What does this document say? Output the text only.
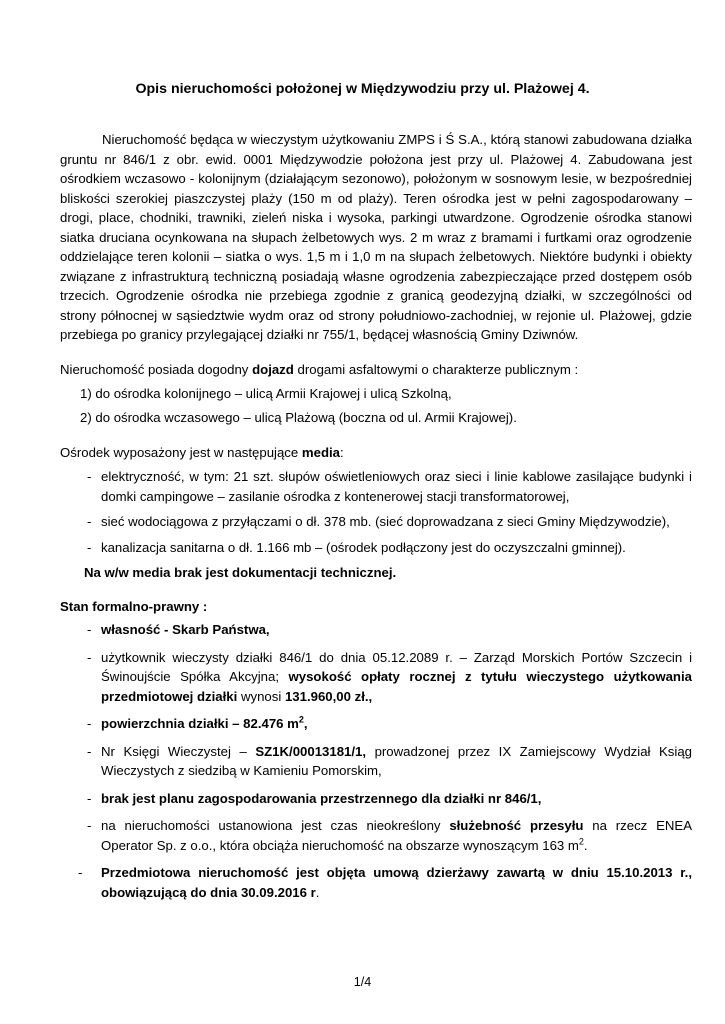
Opis nieruchomości położonej w Międzywodziu przy ul. Plażowej 4.
Nieruchomość będąca w wieczystym użytkowaniu ZMPS i Ś S.A., którą stanowi zabudowana działka gruntu nr 846/1 z obr. ewid. 0001 Międzywodzie położona jest przy ul. Plażowej 4. Zabudowana jest ośrodkiem wczasowo - kolonijnym (działającym sezonowo), położonym w sosnowym lesie, w bezpośredniej bliskości szerokiej piaszczystej plaży (150 m od plaży). Teren ośrodka jest w pełni zagospodarowany – drogi, place, chodniki, trawniki, zieleń niska i wysoka, parkingi utwardzone. Ogrodzenie ośrodka stanowi siatka druciana ocynkowana na słupach żelbetowych wys. 2 m wraz z bramami i furtkami oraz ogrodzenie oddzielające teren kolonii – siatka o wys. 1,5 m i 1,0 m na słupach żelbetowych. Niektóre budynki i obiekty związane z infrastrukturą techniczną posiadają własne ogrodzenia zabezpieczające przed dostępem osób trzecich. Ogrodzenie ośrodka nie przebiega zgodnie z granicą geodezyjną działki, w szczególności od strony północnej w sąsiedztwie wydm oraz od strony południowo-zachodniej, w rejonie ul. Plażowej, gdzie przebiega po granicy przylegającej działki nr 755/1, będącej własnością Gminy Dziwnów.
Nieruchomość posiada dogodny dojazd drogami asfaltowymi o charakterze publicznym :
1) do ośrodka kolonijnego – ulicą Armii Krajowej i ulicą Szkolną,
2) do ośrodka wczasowego – ulicą Plażową (boczna od ul. Armii Krajowej).
Ośrodek wyposażony jest w następujące media:
- elektryczność, w tym: 21 szt. słupów oświetleniowych oraz sieci i linie kablowe zasilające budynki i domki campingowe – zasilanie ośrodka z kontenerowej stacji transformatorowej,
- sieć wodociągowa z przyłączami o dł. 378 mb. (sieć doprowadzana z sieci Gminy Międzywodzie),
- kanalizacja sanitarna o dł. 1.166 mb – (ośrodek podłączony jest do oczyszczalni gminnej).
Na w/w media brak jest dokumentacji technicznej.
Stan formalno-prawny :
- własność - Skarb Państwa,
- użytkownik wieczysty działki 846/1 do dnia 05.12.2089 r. – Zarząd Morskich Portów Szczecin i Świnoujście Spółka Akcyjna; wysokość opłaty rocznej z tytułu wieczystego użytkowania przedmiotowej działki wynosi 131.960,00 zł.,
- powierzchnia działki – 82.476 $m^2$,
- Nr Księgi Wieczystej – SZ1K/00013181/1, prowadzonej przez IX Zamiejscowy Wydział Ksiąg Wieczystych z siedzibą w Kamieniu Pomorskim,
- brak jest planu zagospodarowania przestrzennego dla działki nr 846/1,
- na nieruchomości ustanowiona jest czas nieokreślony służebność przesyłu na rzecz ENEA Operator Sp. z o.o., która obciąża nieruchomość na obszarze wynoszącym 163 $m^2$.
- Przedmiotowa nieruchomość jest objęta umową dzierżawy zawartą w dniu 15.10.2013 r., obowiązującą do dnia 30.09.2016 r.
1/4
